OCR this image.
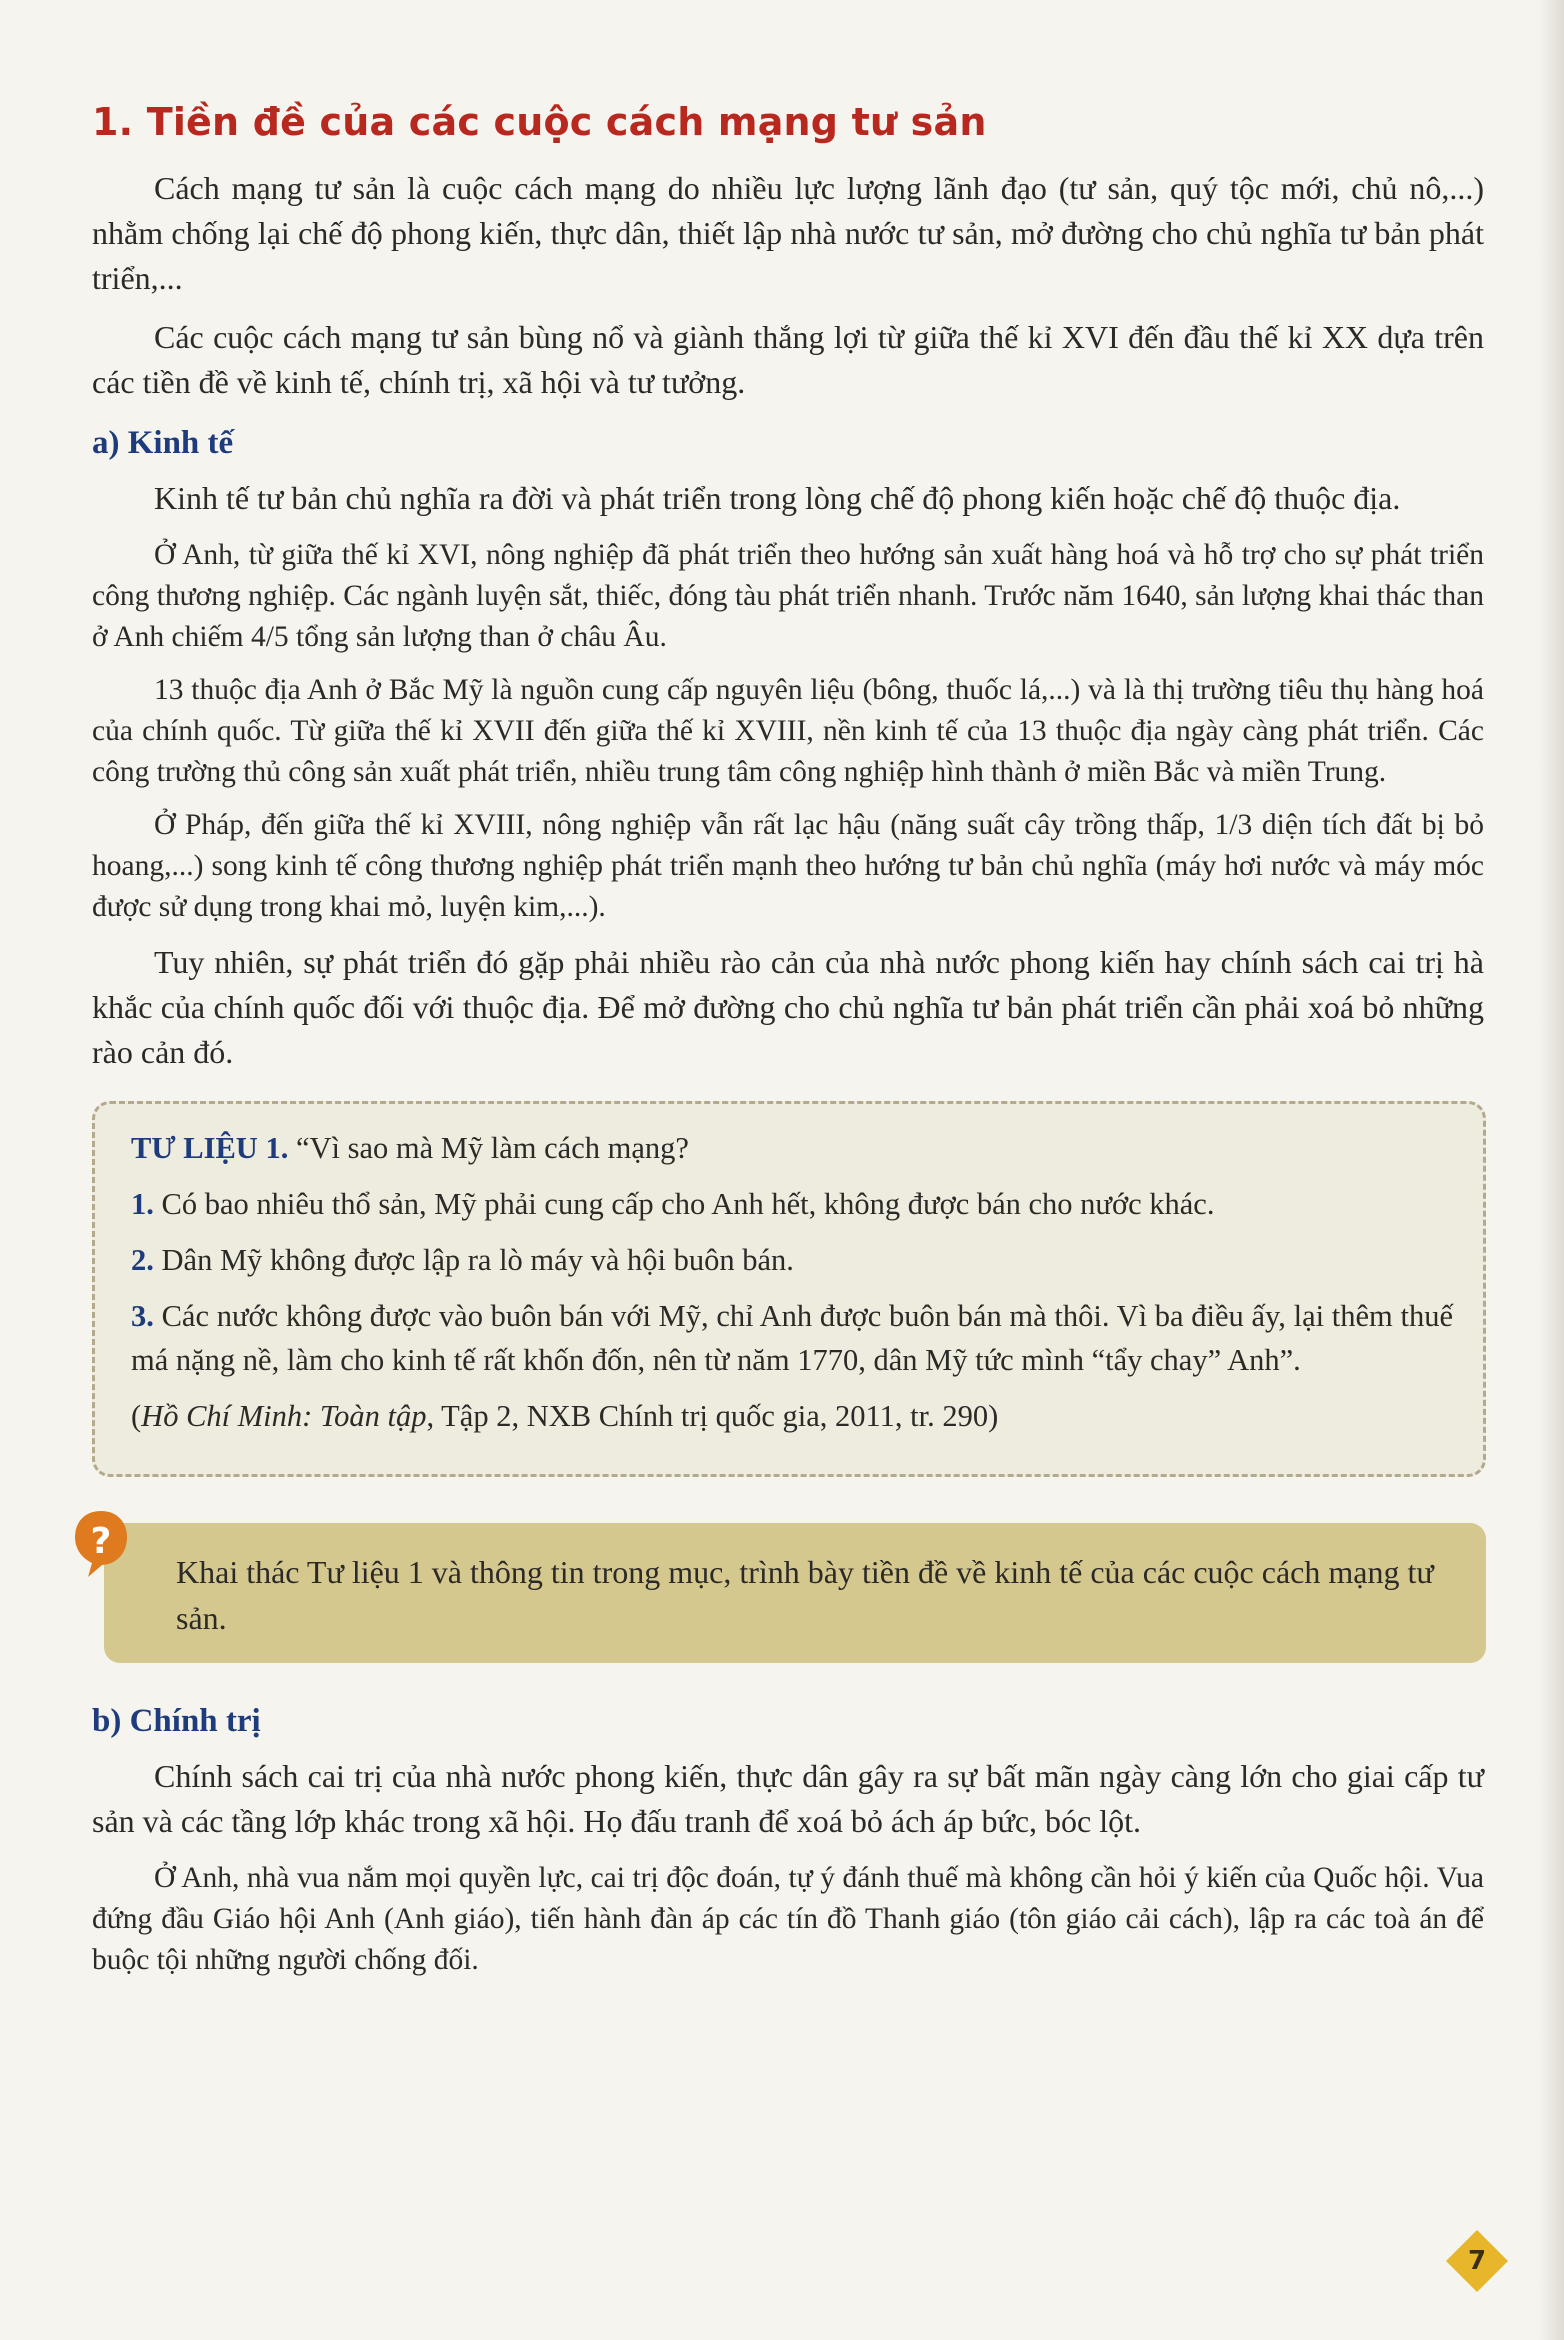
1. Tiền đề của các cuộc cách mạng tư sản

Cách mạng tư sản là cuộc cách mạng do nhiều lực lượng lãnh đạo (tư sản, quý tộc mới, chủ nô,...) nhằm chống lại chế độ phong kiến, thực dân, thiết lập nhà nước tư sản, mở đường cho chủ nghĩa tư bản phát triển,...

Các cuộc cách mạng tư sản bùng nổ và giành thắng lợi từ giữa thế kỉ XVI đến đầu thế kỉ XX dựa trên các tiền đề về kinh tế, chính trị, xã hội và tư tưởng.

a) Kinh tế

Kinh tế tư bản chủ nghĩa ra đời và phát triển trong lòng chế độ phong kiến hoặc chế độ thuộc địa.

Ở Anh, từ giữa thế kỉ XVI, nông nghiệp đã phát triển theo hướng sản xuất hàng hoá và hỗ trợ cho sự phát triển công thương nghiệp. Các ngành luyện sắt, thiếc, đóng tàu phát triển nhanh. Trước năm 1640, sản lượng khai thác than ở Anh chiếm 4/5 tổng sản lượng than ở châu Âu.

13 thuộc địa Anh ở Bắc Mỹ là nguồn cung cấp nguyên liệu (bông, thuốc lá,...) và là thị trường tiêu thụ hàng hoá của chính quốc. Từ giữa thế kỉ XVII đến giữa thế kỉ XVIII, nền kinh tế của 13 thuộc địa ngày càng phát triển. Các công trường thủ công sản xuất phát triển, nhiều trung tâm công nghiệp hình thành ở miền Bắc và miền Trung.

Ở Pháp, đến giữa thế kỉ XVIII, nông nghiệp vẫn rất lạc hậu (năng suất cây trồng thấp, 1/3 diện tích đất bị bỏ hoang,...) song kinh tế công thương nghiệp phát triển mạnh theo hướng tư bản chủ nghĩa (máy hơi nước và máy móc được sử dụng trong khai mỏ, luyện kim,...).

Tuy nhiên, sự phát triển đó gặp phải nhiều rào cản của nhà nước phong kiến hay chính sách cai trị hà khắc của chính quốc đối với thuộc địa. Để mở đường cho chủ nghĩa tư bản phát triển cần phải xoá bỏ những rào cản đó.

TƯ LIỆU 1. “Vì sao mà Mỹ làm cách mạng?
1. Có bao nhiêu thổ sản, Mỹ phải cung cấp cho Anh hết, không được bán cho nước khác.
2. Dân Mỹ không được lập ra lò máy và hội buôn bán.
3. Các nước không được vào buôn bán với Mỹ, chỉ Anh được buôn bán mà thôi. Vì ba điều ấy, lại thêm thuế má nặng nề, làm cho kinh tế rất khốn đốn, nên từ năm 1770, dân Mỹ tức mình “tẩy chay” Anh”.
(Hồ Chí Minh: Toàn tập, Tập 2, NXB Chính trị quốc gia, 2011, tr. 290)
?
Khai thác Tư liệu 1 và thông tin trong mục, trình bày tiền đề về kinh tế của các cuộc cách mạng tư sản.
b) Chính trị

Chính sách cai trị của nhà nước phong kiến, thực dân gây ra sự bất mãn ngày càng lớn cho giai cấp tư sản và các tầng lớp khác trong xã hội. Họ đấu tranh để xoá bỏ ách áp bức, bóc lột.

Ở Anh, nhà vua nắm mọi quyền lực, cai trị độc đoán, tự ý đánh thuế mà không cần hỏi ý kiến của Quốc hội. Vua đứng đầu Giáo hội Anh (Anh giáo), tiến hành đàn áp các tín đồ Thanh giáo (tôn giáo cải cách), lập ra các toà án để buộc tội những người chống đối.

7
